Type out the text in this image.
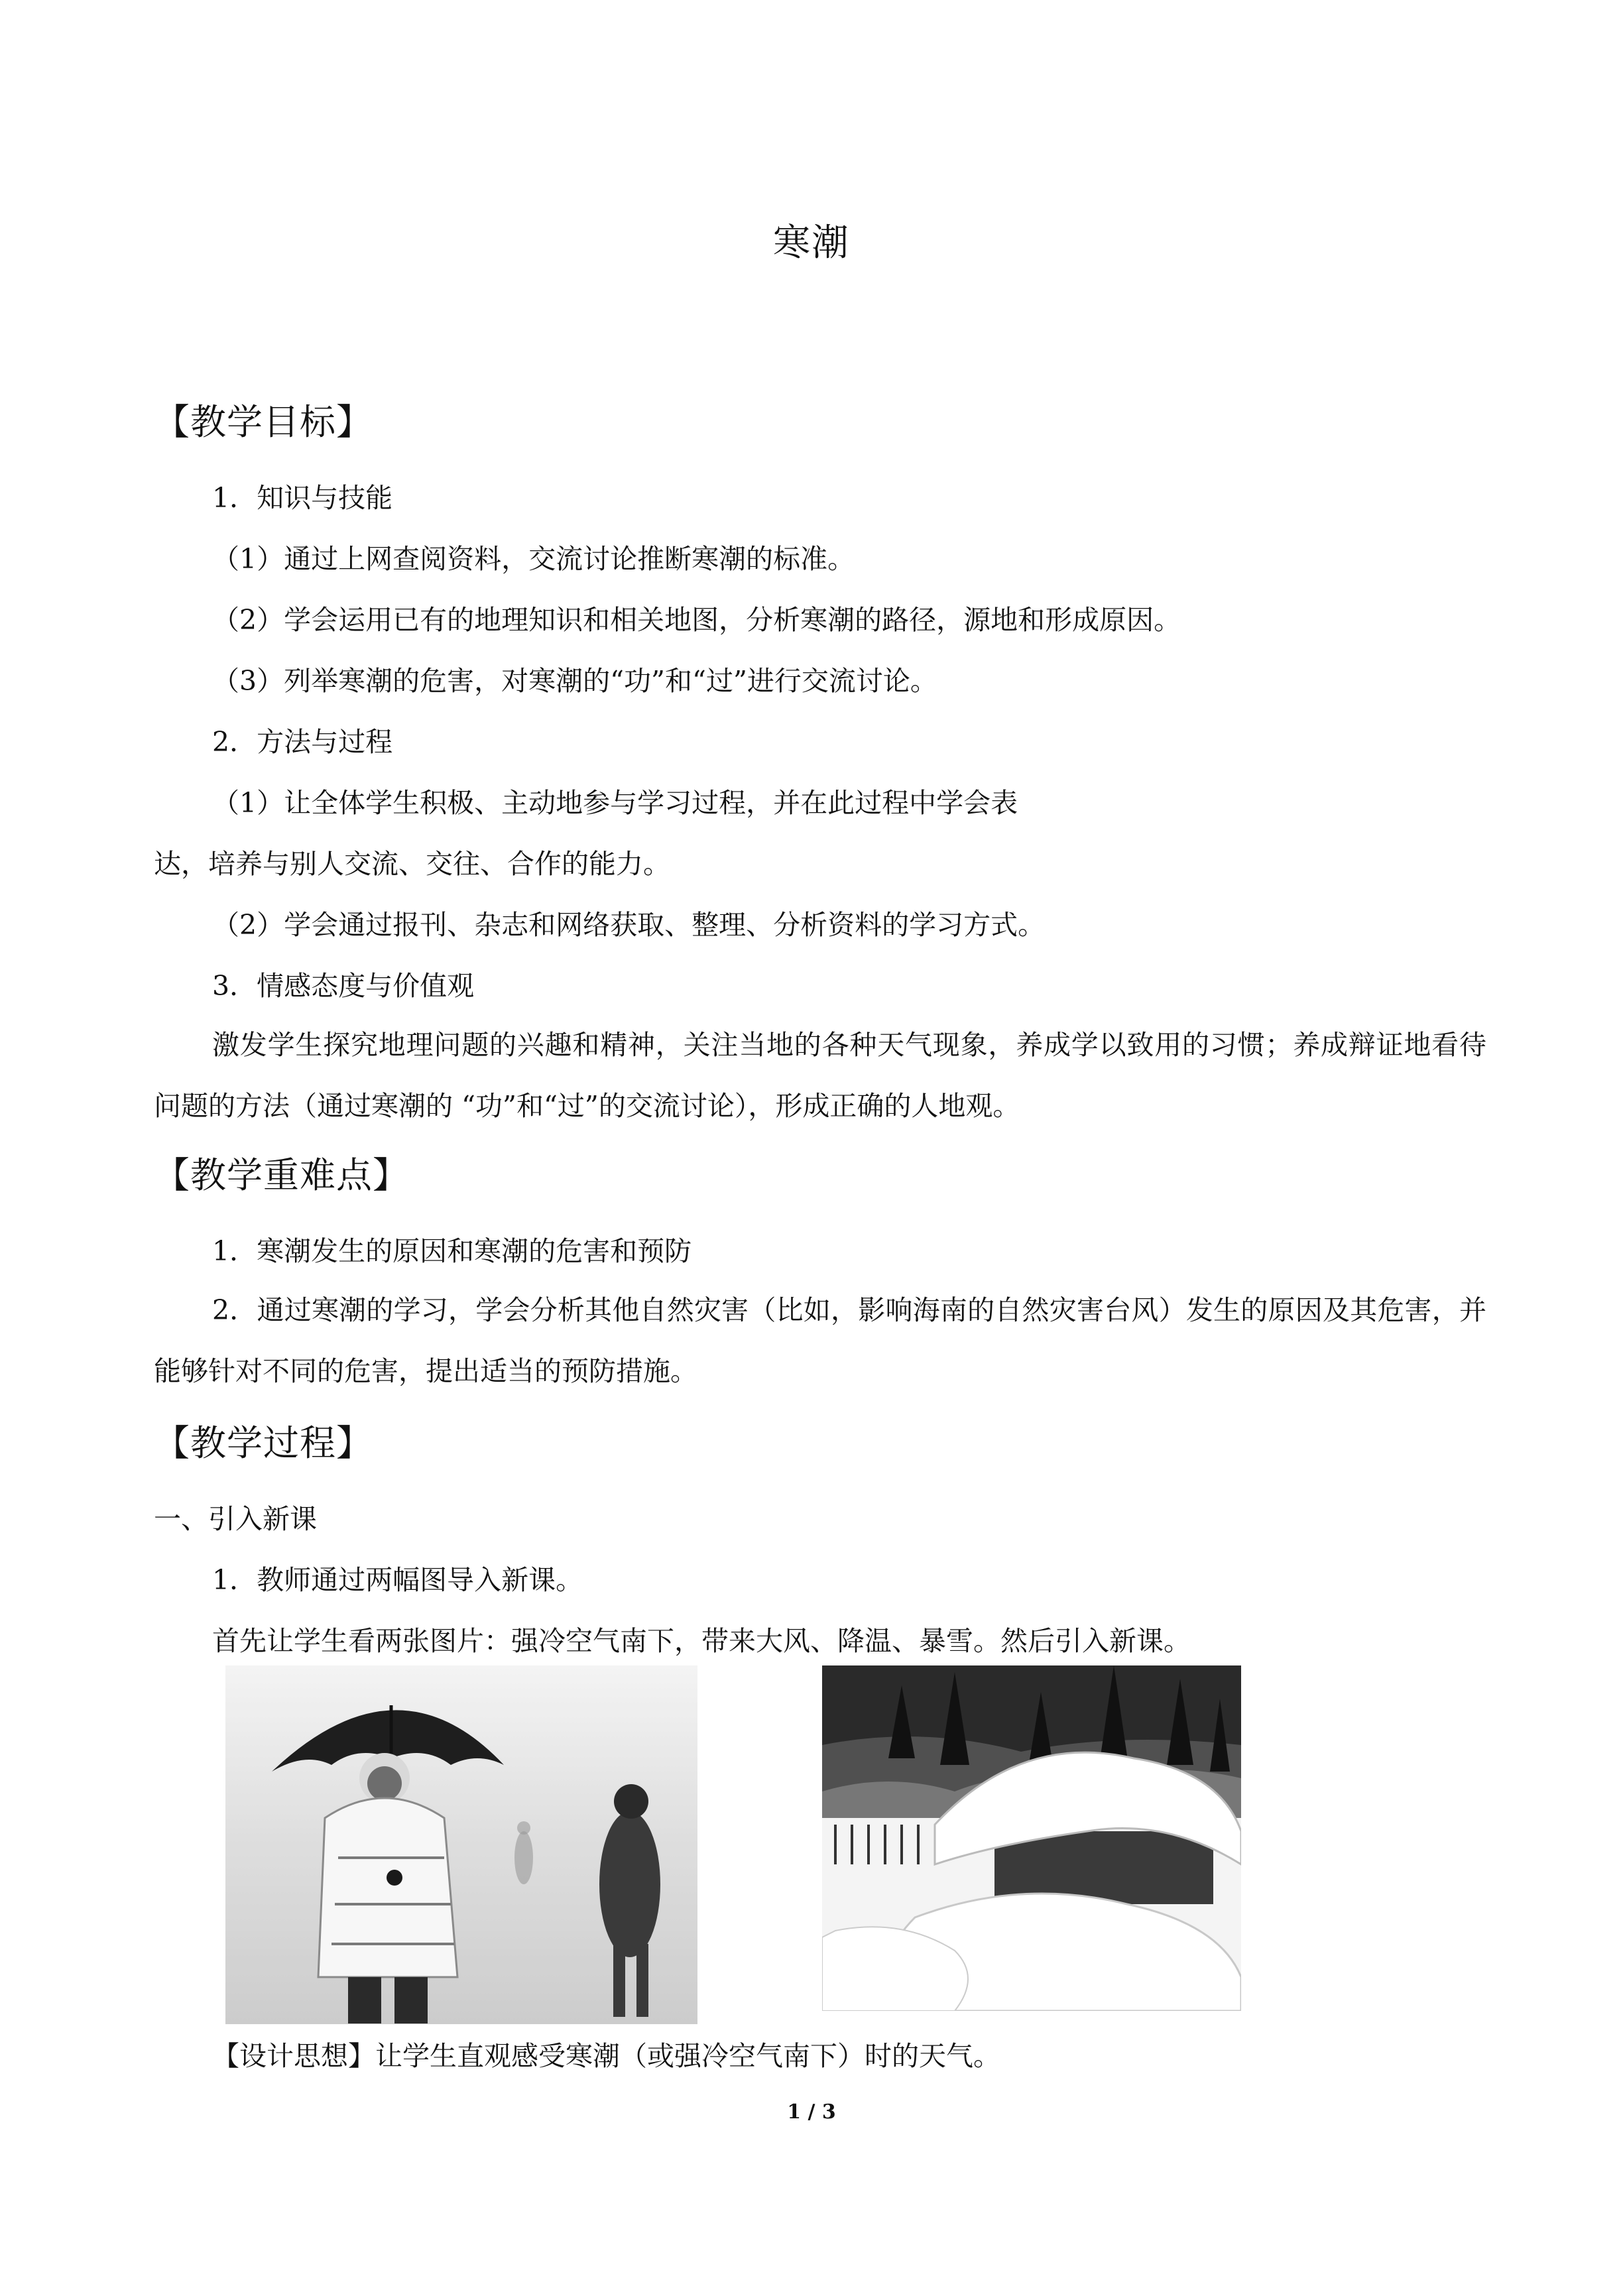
寒潮
【教学目标】
1．知识与技能
（1）通过上网查阅资料，交流讨论推断寒潮的标准。
（2）学会运用已有的地理知识和相关地图，分析寒潮的路径，源地和形成原因。
（3）列举寒潮的危害，对寒潮的“功”和“过”进行交流讨论。
2．方法与过程
（1）让全体学生积极、主动地参与学习过程，并在此过程中学会表
达，培养与别人交流、交往、合作的能力。
（2）学会通过报刊、杂志和网络获取、整理、分析资料的学习方式。
3．情感态度与价值观
激发学生探究地理问题的兴趣和精神，关注当地的各种天气现象，养成学以致用的习惯；养成辩证地看待问题的方法（通过寒潮的 “功”和“过”的交流讨论），形成正确的人地观。
【教学重难点】
1．寒潮发生的原因和寒潮的危害和预防
2．通过寒潮的学习，学会分析其他自然灾害（比如，影响海南的自然灾害台风）发生的原因及其危害，并能够针对不同的危害，提出适当的预防措施。
【教学过程】
一、引入新课
1．教师通过两幅图导入新课。
首先让学生看两张图片：强冷空气南下，带来大风、降温、暴雪。然后引入新课。
【设计思想】让学生直观感受寒潮（或强冷空气南下）时的天气。
1 / 3
